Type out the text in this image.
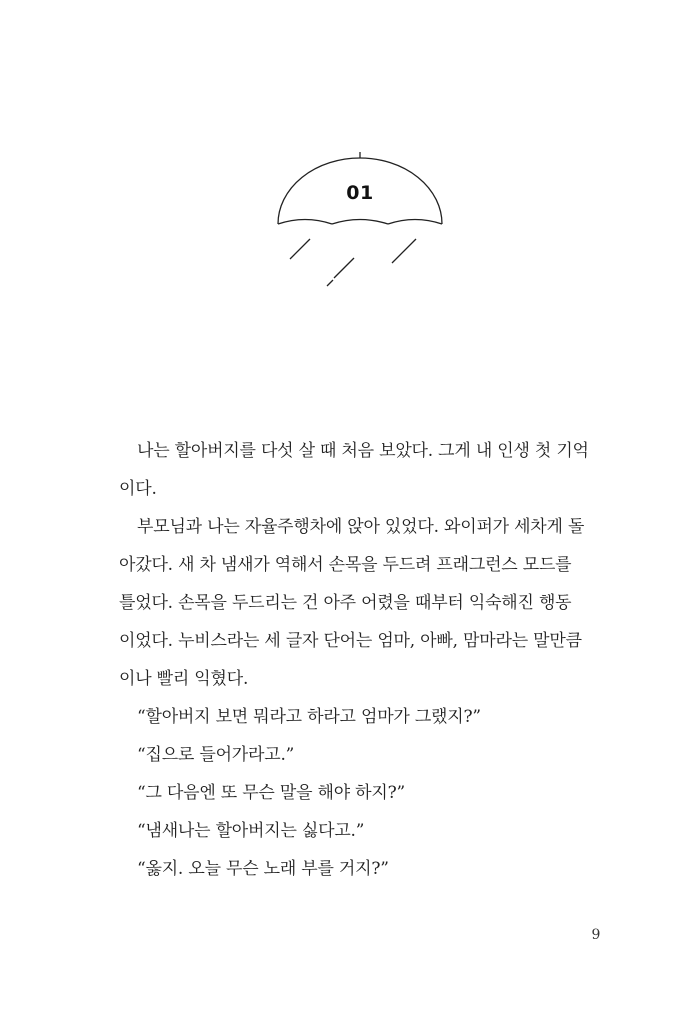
01
나는 할아버지를 다섯 살 때 처음 보았다. 그게 내 인생 첫 기억
이다.
부모님과 나는 자율주행차에 앉아 있었다. 와이퍼가 세차게 돌
아갔다. 새 차 냄새가 역해서 손목을 두드려 프래그런스 모드를
틀었다. 손목을 두드리는 건 아주 어렸을 때부터 익숙해진 행동
이었다. 누비스라는 세 글자 단어는 엄마, 아빠, 맘마라는 말만큼
이나 빨리 익혔다.
“할아버지 보면 뭐라고 하라고 엄마가 그랬지?”
“집으로 들어가라고.”
“그 다음엔 또 무슨 말을 해야 하지?”
“냄새나는 할아버지는 싫다고.”
“옳지. 오늘 무슨 노래 부를 거지?”
9
